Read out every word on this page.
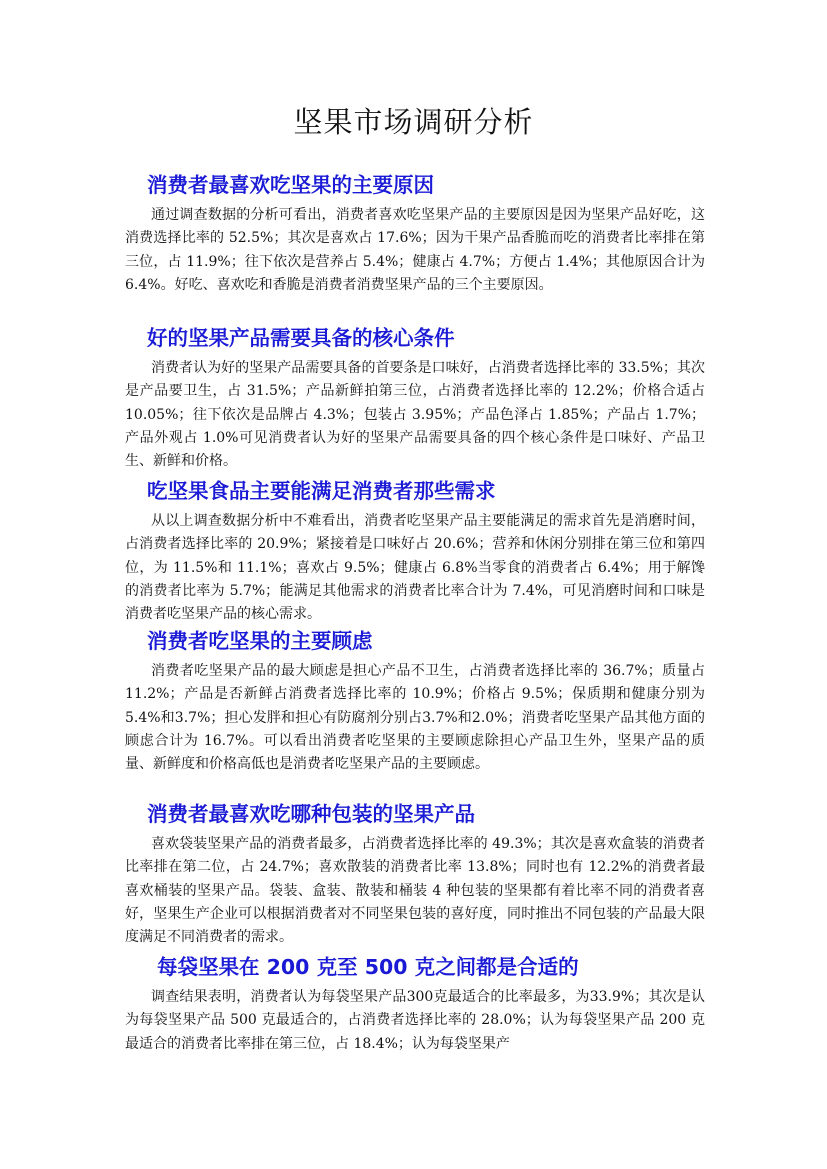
坚果市场调研分析
消费者最喜欢吃坚果的主要原因

通过调查数据的分析可看出，消费者喜欢吃坚果产品的主要原因是因为坚果产品好吃，这消费选择比率的 52.5%；其次是喜欢占 17.6%；因为干果产品香脆而吃的消费者比率排在第三位，占 11.9%；往下依次是营养占 5.4%；健康占 4.7%；方便占 1.4%；其他原因合计为 6.4%。好吃、喜欢吃和香脆是消费者消费坚果产品的三个主要原因。

好的坚果产品需要具备的核心条件

消费者认为好的坚果产品需要具备的首要条是口味好，占消费者选择比率的 33.5%；其次是产品要卫生，占 31.5%；产品新鲜拍第三位，占消费者选择比率的 12.2%；价格合适占 10.05%；往下依次是品牌占 4.3%；包装占 3.95%；产品色泽占 1.85%；产品占 1.7%；产品外观占 1.0%可见消费者认为好的坚果产品需要具备的四个核心条件是口味好、产品卫生、新鲜和价格。

吃坚果食品主要能满足消费者那些需求

从以上调查数据分析中不难看出，消费者吃坚果产品主要能满足的需求首先是消磨时间，占消费者选择比率的 20.9%；紧接着是口味好占 20.6%；营养和休闲分别排在第三位和第四位，为 11.5%和 11.1%；喜欢占 9.5%；健康占 6.8%当零食的消费者占 6.4%；用于解馋的消费者比率为 5.7%；能满足其他需求的消费者比率合计为 7.4%，可见消磨时间和口味是消费者吃坚果产品的核心需求。

消费者吃坚果的主要顾虑

消费者吃坚果产品的最大顾虑是担心产品不卫生，占消费者选择比率的 36.7%；质量占 11.2%；产品是否新鲜占消费者选择比率的 10.9%；价格占 9.5%；保质期和健康分别为5.4%和3.7%；担心发胖和担心有防腐剂分别占3.7%和2.0%；消费者吃坚果产品其他方面的顾虑合计为 16.7%。可以看出消费者吃坚果的主要顾虑除担心产品卫生外，坚果产品的质量、新鲜度和价格高低也是消费者吃坚果产品的主要顾虑。

消费者最喜欢吃哪种包装的坚果产品

喜欢袋装坚果产品的消费者最多，占消费者选择比率的 49.3%；其次是喜欢盒装的消费者比率排在第二位，占 24.7%；喜欢散装的消费者比率 13.8%；同时也有 12.2%的消费者最喜欢桶装的坚果产品。袋装、盒装、散装和桶装 4 种包装的坚果都有着比率不同的消费者喜好，坚果生产企业可以根据消费者对不同坚果包装的喜好度，同时推出不同包装的产品最大限度满足不同消费者的需求。

每袋坚果在 200 克至 500 克之间都是合适的

调查结果表明，消费者认为每袋坚果产品300克最适合的比率最多，为33.9%；其次是认为每袋坚果产品 500 克最适合的，占消费者选择比率的 28.0%；认为每袋坚果产品 200 克最适合的消费者比率排在第三位，占 18.4%；认为每袋坚果产
